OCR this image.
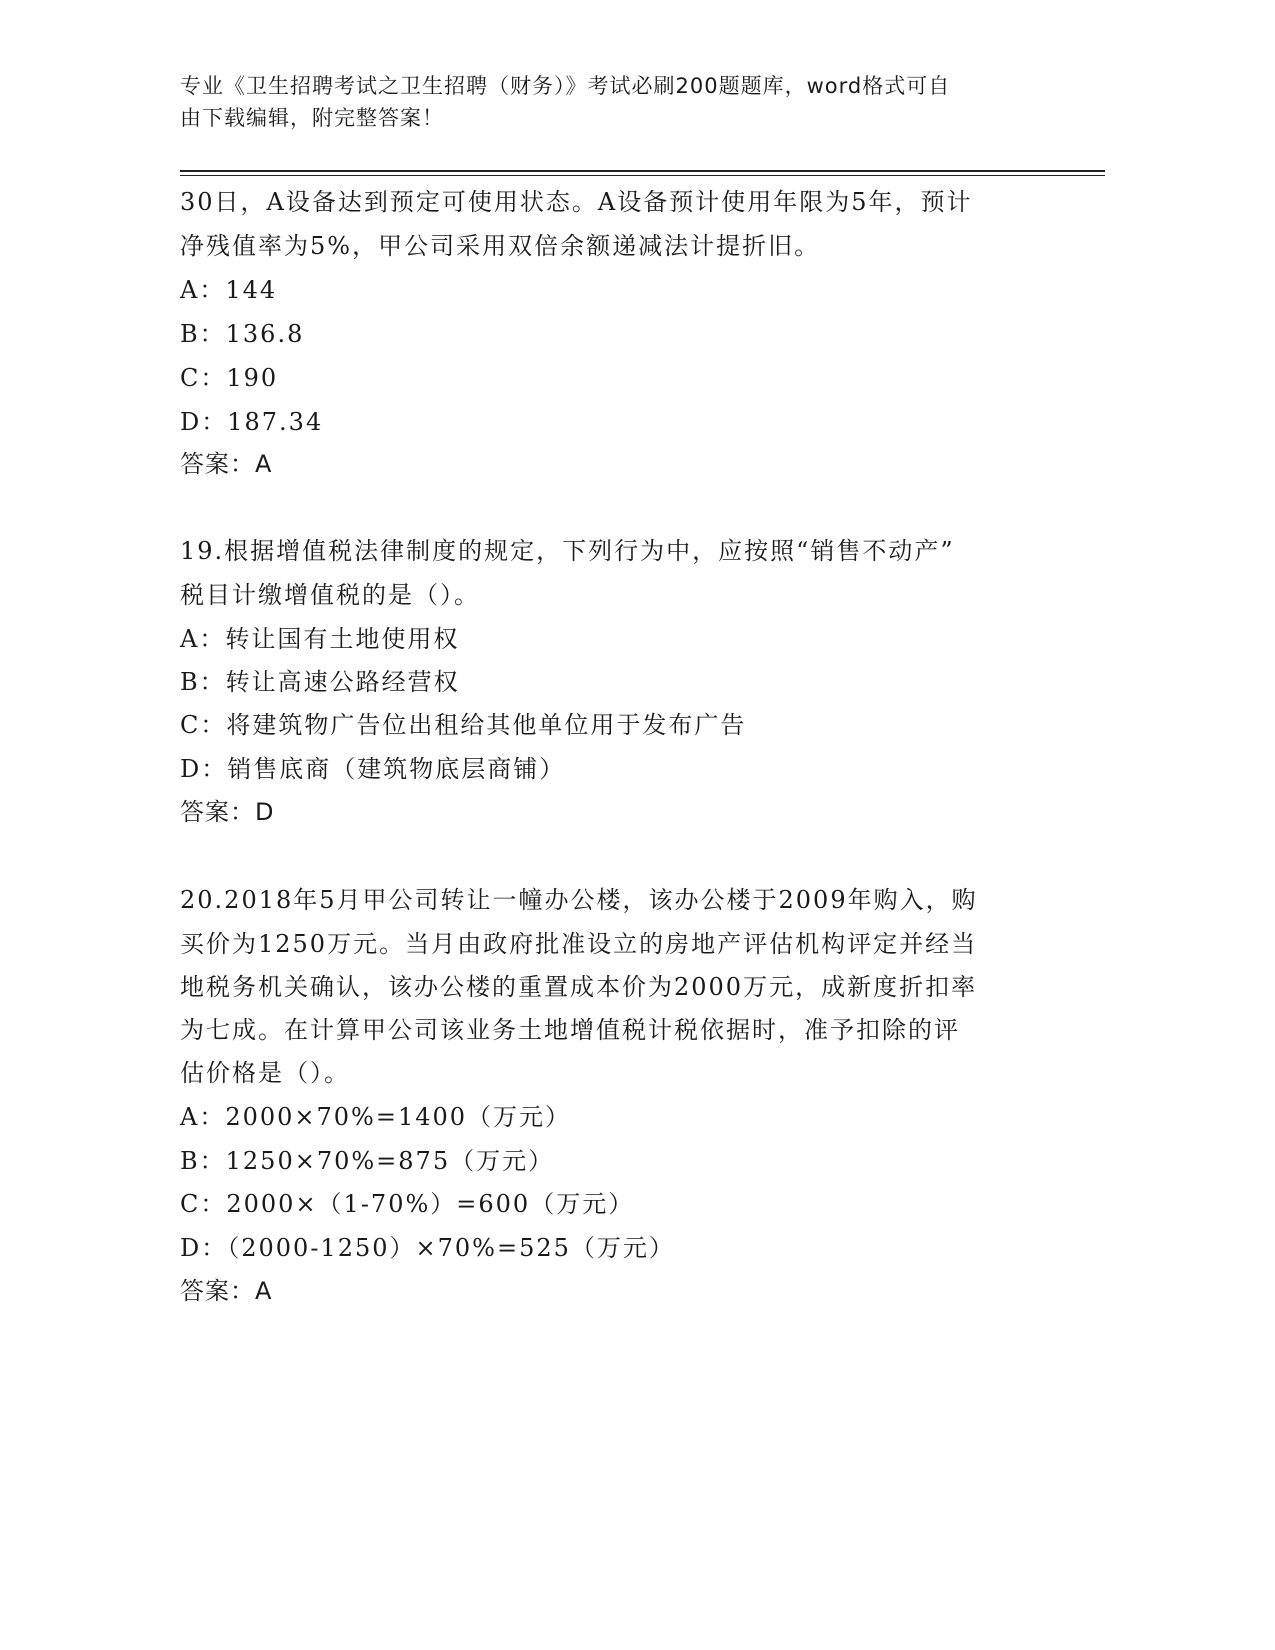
专业《卫生招聘考试之卫生招聘（财务）》考试必刷200题题库，word格式可自
由下载编辑，附完整答案！
30日，A设备达到预定可使用状态。A设备预计使用年限为5年，预计
净残值率为5%，甲公司采用双倍余额递减法计提折旧。
A：144
B：136.8
C：190
D：187.34
答案：A
19.根据增值税法律制度的规定，下列行为中，应按照“销售不动产”
税目计缴增值税的是（）。
A：转让国有土地使用权
B：转让高速公路经营权
C：将建筑物广告位出租给其他单位用于发布广告
D：销售底商（建筑物底层商铺）
答案：D
20.2018年5月甲公司转让一幢办公楼，该办公楼于2009年购入，购
买价为1250万元。当月由政府批准设立的房地产评估机构评定并经当
地税务机关确认，该办公楼的重置成本价为2000万元，成新度折扣率
为七成。在计算甲公司该业务土地增值税计税依据时，准予扣除的评
估价格是（）。
A：2000×70%=1400（万元）
B：1250×70%=875（万元）
C：2000×（1-70%）=600（万元）
D：（2000-1250）×70%=525（万元）
答案：A
